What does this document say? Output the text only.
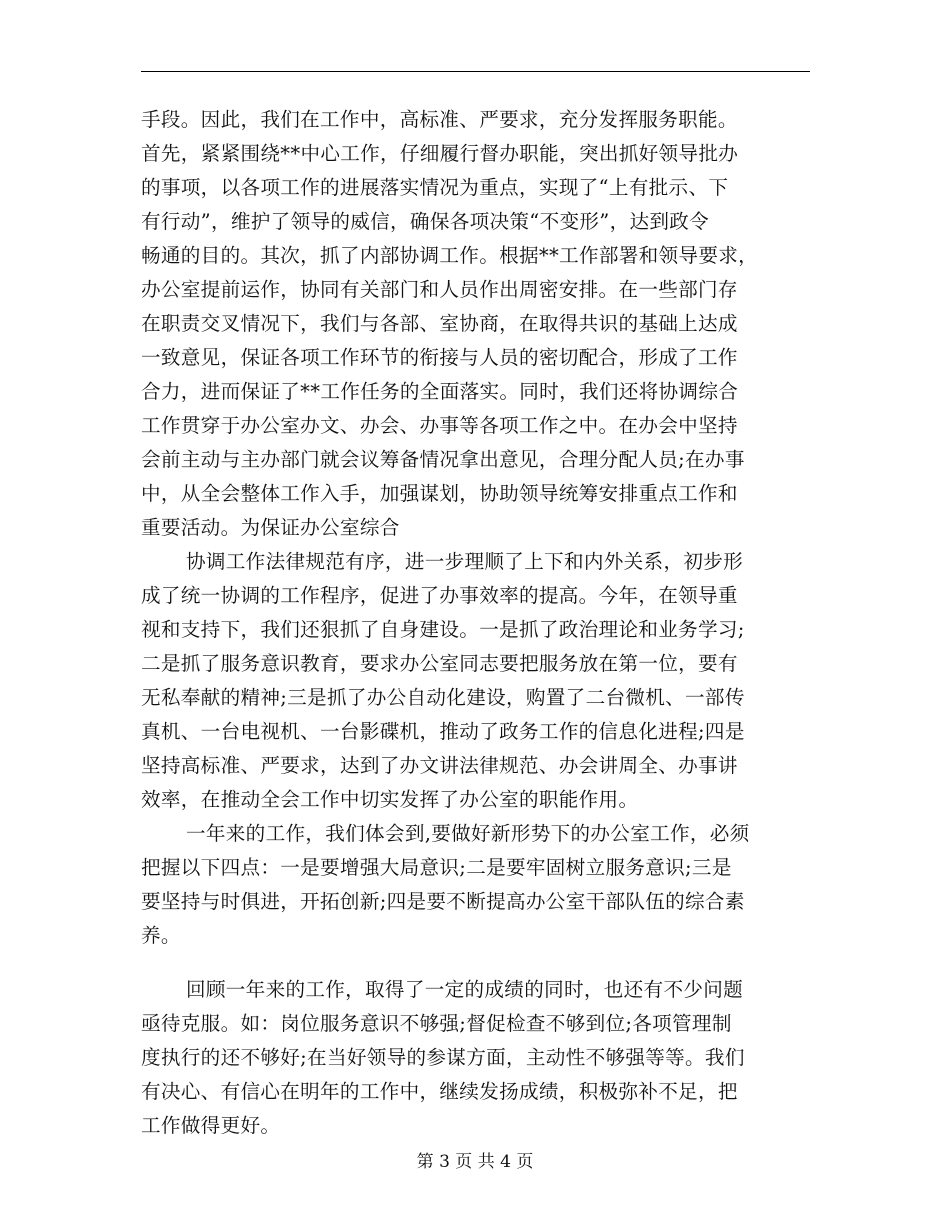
手段。因此，我们在工作中，高标准、严要求，充分发挥服务职能。
首先，紧紧围绕**中心工作，仔细履行督办职能，突出抓好领导批办
的事项，以各项工作的进展落实情况为重点，实现了“上有批示、下
有行动”，维护了领导的威信，确保各项决策“不变形”，达到政令
畅通的目的。其次，抓了内部协调工作。根据**工作部署和领导要求，
办公室提前运作，协同有关部门和人员作出周密安排。在一些部门存
在职责交叉情况下，我们与各部、室协商，在取得共识的基础上达成
一致意见，保证各项工作环节的衔接与人员的密切配合，形成了工作
合力，进而保证了**工作任务的全面落实。同时，我们还将协调综合
工作贯穿于办公室办文、办会、办事等各项工作之中。在办会中坚持
会前主动与主办部门就会议筹备情况拿出意见，合理分配人员;在办事
中，从全会整体工作入手，加强谋划，协助领导统筹安排重点工作和
重要活动。为保证办公室综合
协调工作法律规范有序，进一步理顺了上下和内外关系，初步形
成了统一协调的工作程序，促进了办事效率的提高。今年，在领导重
视和支持下，我们还狠抓了自身建设。一是抓了政治理论和业务学习;
二是抓了服务意识教育，要求办公室同志要把服务放在第一位，要有
无私奉献的精神;三是抓了办公自动化建设，购置了二台微机、一部传
真机、一台电视机、一台影碟机，推动了政务工作的信息化进程;四是
坚持高标准、严要求，达到了办文讲法律规范、办会讲周全、办事讲
效率，在推动全会工作中切实发挥了办公室的职能作用。
一年来的工作，我们体会到,要做好新形势下的办公室工作，必须
把握以下四点：一是要增强大局意识;二是要牢固树立服务意识;三是
要坚持与时俱进，开拓创新;四是要不断提高办公室干部队伍的综合素
养。
回顾一年来的工作，取得了一定的成绩的同时，也还有不少问题
亟待克服。如：岗位服务意识不够强;督促检查不够到位;各项管理制
度执行的还不够好;在当好领导的参谋方面，主动性不够强等等。我们
有决心、有信心在明年的工作中，继续发扬成绩，积极弥补不足，把
工作做得更好。
第 3 页 共 4 页
